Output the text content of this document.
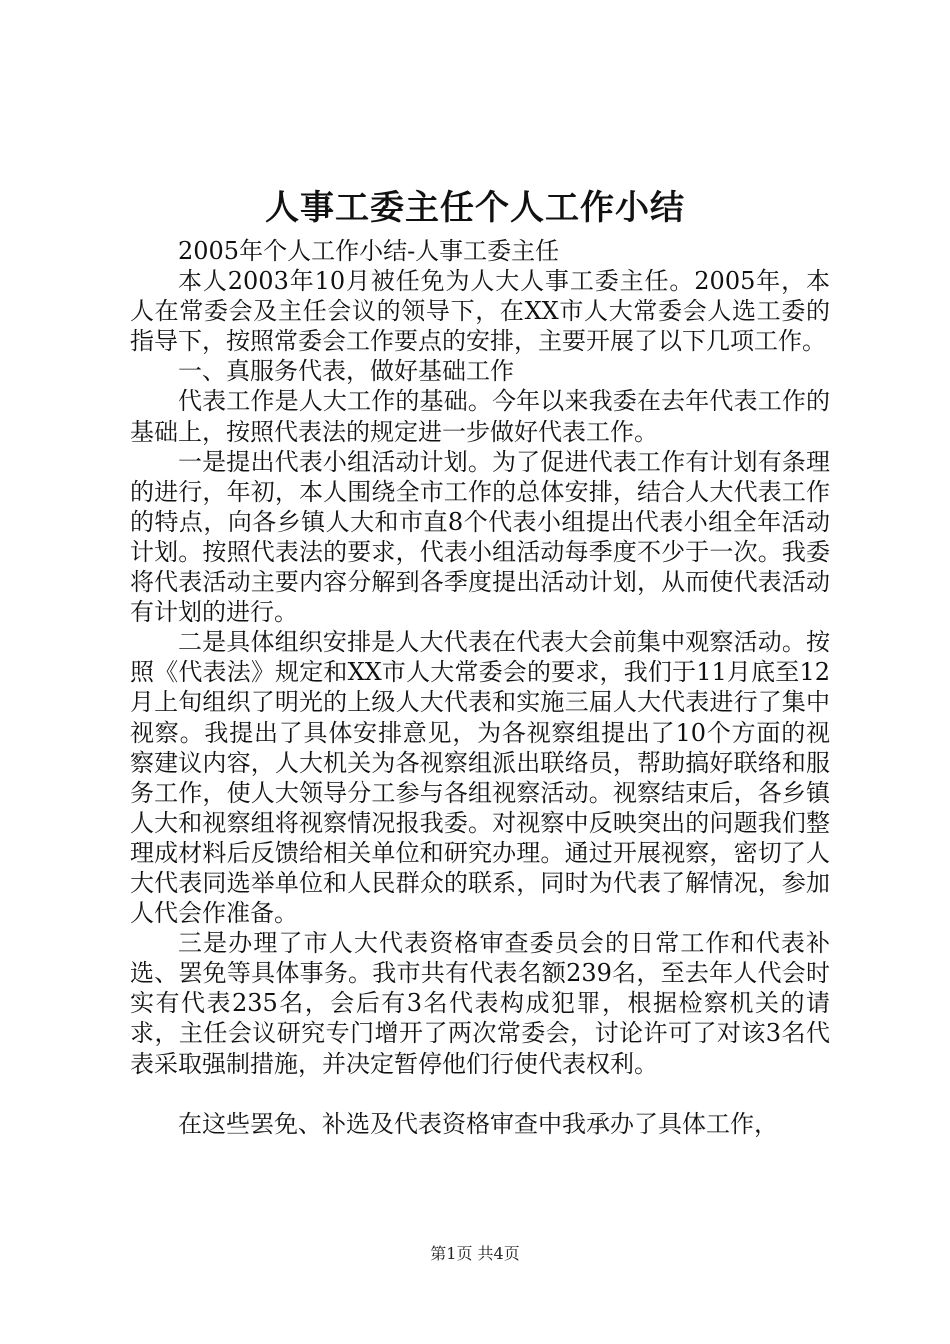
人事工委主任个人工作小结

2005年个人工作小结-人事工委主任

本人2003年10月被任免为人大人事工委主任。2005年，本人在常委会及主任会议的领导下，在XX市人大常委会人选工委的指导下，按照常委会工作要点的安排，主要开展了以下几项工作。

一、真服务代表，做好基础工作

代表工作是人大工作的基础。今年以来我委在去年代表工作的基础上，按照代表法的规定进一步做好代表工作。

一是提出代表小组活动计划。为了促进代表工作有计划有条理的进行，年初，本人围绕全市工作的总体安排，结合人大代表工作的特点，向各乡镇人大和市直8个代表小组提出代表小组全年活动计划。按照代表法的要求，代表小组活动每季度不少于一次。我委将代表活动主要内容分解到各季度提出活动计划，从而使代表活动有计划的进行。

二是具体组织安排是人大代表在代表大会前集中观察活动。按照《代表法》规定和XX市人大常委会的要求，我们于11月底至12月上旬组织了明光的上级人大代表和实施三届人大代表进行了集中视察。我提出了具体安排意见，为各视察组提出了10个方面的视察建议内容，人大机关为各视察组派出联络员，帮助搞好联络和服务工作，使人大领导分工参与各组视察活动。视察结束后，各乡镇人大和视察组将视察情况报我委。对视察中反映突出的问题我们整理成材料后反馈给相关单位和研究办理。通过开展视察，密切了人大代表同选举单位和人民群众的联系，同时为代表了解情况，参加人代会作准备。

三是办理了市人大代表资格审查委员会的日常工作和代表补选、罢免等具体事务。我市共有代表名额239名，至去年人代会时实有代表235名，会后有3名代表构成犯罪，根据检察机关的请求，主任会议研究专门增开了两次常委会，讨论许可了对该3名代表采取强制措施，并决定暂停他们行使代表权利。

在这些罢免、补选及代表资格审查中我承办了具体工作，

第1页 共4页
